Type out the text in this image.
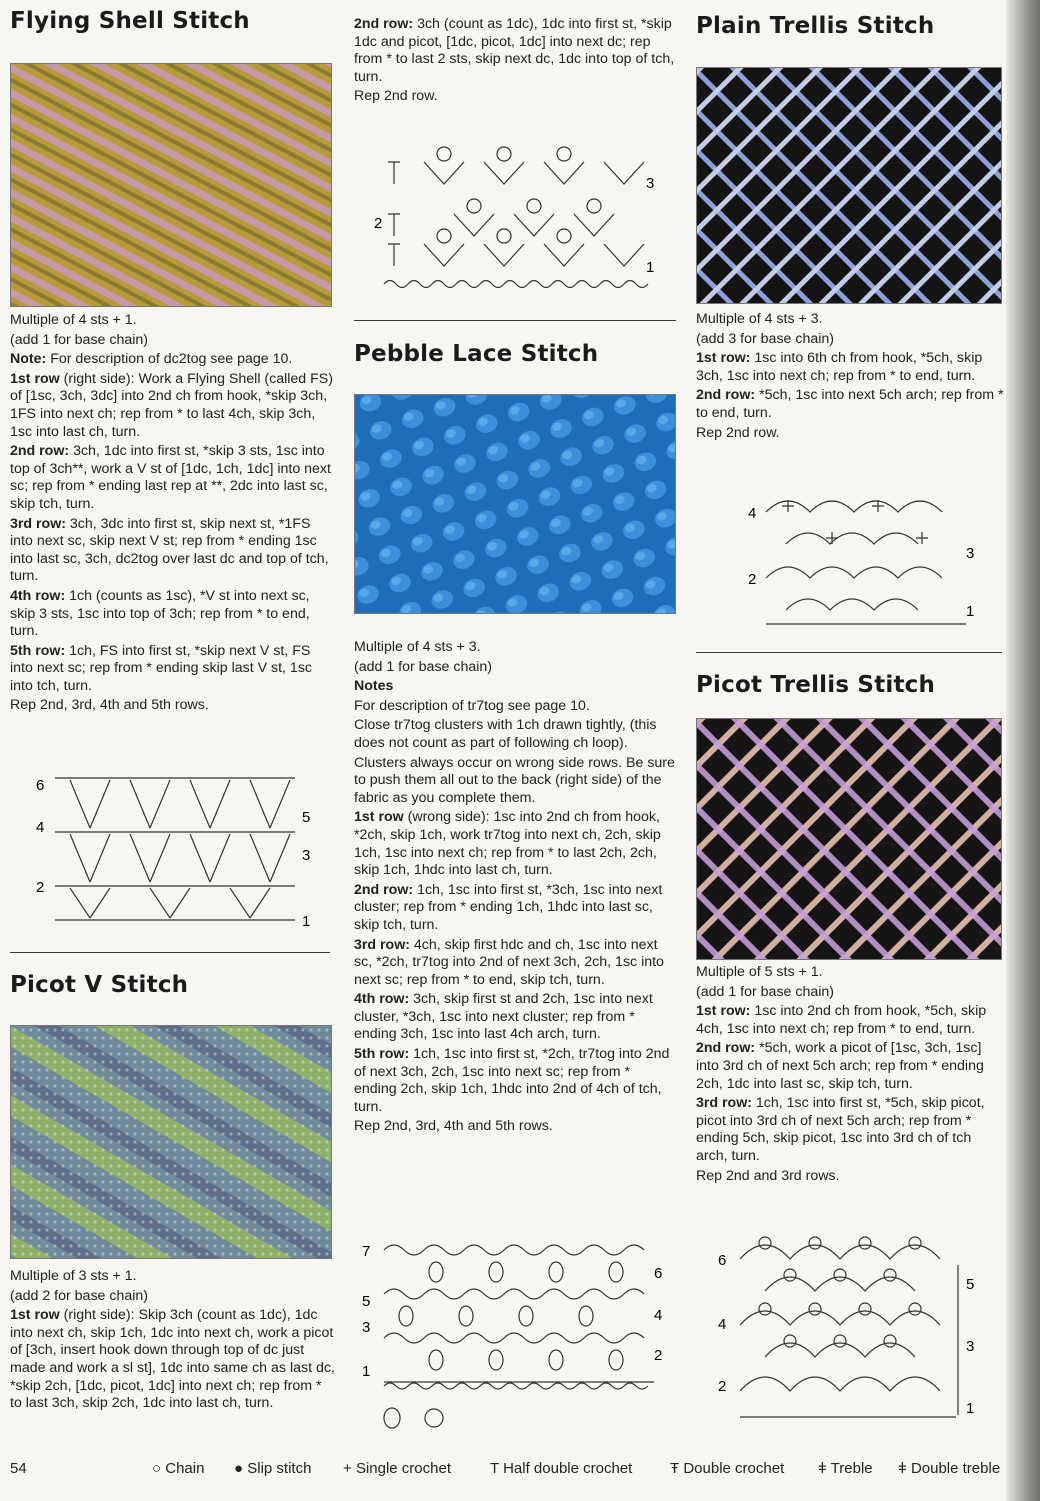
Flying Shell Stitch

Multiple of 4 sts + 1.

(add 1 for base chain)

Note: For description of dc2tog see page 10.

1st row (right side): Work a Flying Shell (called FS) of [1sc, 3ch, 3dc] into 2nd ch from hook, *skip 3ch, 1FS into next ch; rep from * to last 4ch, skip 3ch, 1sc into last ch, turn.

2nd row: 3ch, 1dc into first st, *skip 3 sts, 1sc into top of 3ch**, work a V st of [1dc, 1ch, 1dc] into next sc; rep from * ending last rep at **, 2dc into last sc, skip tch, turn.

3rd row: 3ch, 3dc into first st, skip next st, *1FS into next sc, skip next V st; rep from * ending 1sc into last sc, 3ch, dc2tog over last dc and top of tch, turn.

4th row: 1ch (counts as 1sc), *V st into next sc, skip 3 sts, 1sc into top of 3ch; rep from * to end, turn.

5th row: 1ch, FS into first st, *skip next V st, FS into next sc; rep from * ending skip last V st, 1sc into tch, turn.

Rep 2nd, 3rd, 4th and 5th rows.

6
5
4
3
2
1
Picot V Stitch

Multiple of 3 sts + 1.

(add 2 for base chain)

1st row (right side): Skip 3ch (count as 1dc), 1dc into next ch, skip 1ch, 1dc into next ch, work a picot of [3ch, insert hook down through top of dc just made and work a sl st], 1dc into same ch as last dc, *skip 2ch, [1dc, picot, 1dc] into next ch; rep from * to last 3ch, skip 2ch, 1dc into last ch, turn.

2nd row: 3ch (count as 1dc), 1dc into first st, *skip 1dc and picot, [1dc, picot, 1dc] into next dc; rep from * to last 2 sts, skip next dc, 1dc into top of tch, turn.

Rep 2nd row.

3
2
1
Pebble Lace Stitch

Multiple of 4 sts + 3.

(add 1 for base chain)

Notes

For description of tr7tog see page 10.

Close tr7tog clusters with 1ch drawn tightly, (this does not count as part of following ch loop).

Clusters always occur on wrong side rows. Be sure to push them all out to the back (right side) of the fabric as you complete them.

1st row (wrong side): 1sc into 2nd ch from hook, *2ch, skip 1ch, work tr7tog into next ch, 2ch, skip 1ch, 1sc into next ch; rep from * to last 2ch, 2ch, skip 1ch, 1hdc into last ch, turn.

2nd row: 1ch, 1sc into first st, *3ch, 1sc into next cluster; rep from * ending 1ch, 1hdc into last sc, skip tch, turn.

3rd row: 4ch, skip first hdc and ch, 1sc into next sc, *2ch, tr7tog into 2nd of next 3ch, 2ch, 1sc into next sc; rep from * to end, skip tch, turn.

4th row: 3ch, skip first st and 2ch, 1sc into next cluster, *3ch, 1sc into next cluster; rep from * ending 3ch, 1sc into last 4ch arch, turn.

5th row: 1ch, 1sc into first st, *2ch, tr7tog into 2nd of next 3ch, 2ch, 1sc into next sc; rep from * ending 2ch, skip 1ch, 1hdc into 2nd of 4ch of tch, turn.

Rep 2nd, 3rd, 4th and 5th rows.

7
6
5
4
3
2
1
Plain Trellis Stitch

Multiple of 4 sts + 3.

(add 3 for base chain)

1st row: 1sc into 6th ch from hook, *5ch, skip 3ch, 1sc into next ch; rep from * to end, turn.

2nd row: *5ch, 1sc into next 5ch arch; rep from * to end, turn.

Rep 2nd row.

4
3
2
1
Picot Trellis Stitch

Multiple of 5 sts + 1.

(add 1 for base chain)

1st row: 1sc into 2nd ch from hook, *5ch, skip 4ch, 1sc into next ch; rep from * to end, turn.

2nd row: *5ch, work a picot of [1sc, 3ch, 1sc] into 3rd ch of next 5ch arch; rep from * ending 2ch, 1dc into last sc, skip tch, turn.

3rd row: 1ch, 1sc into first st, *5ch, skip picot, picot into 3rd ch of next 5ch arch; rep from * ending 5ch, skip picot, 1sc into 3rd ch of tch arch, turn.

Rep 2nd and 3rd rows.

6
5
4
3
2
1
54	○ Chain ● Slip stitch + Single crochet	T Half double crochet	Ŧ Double crochet ǂ Treble ǂ Double treble
